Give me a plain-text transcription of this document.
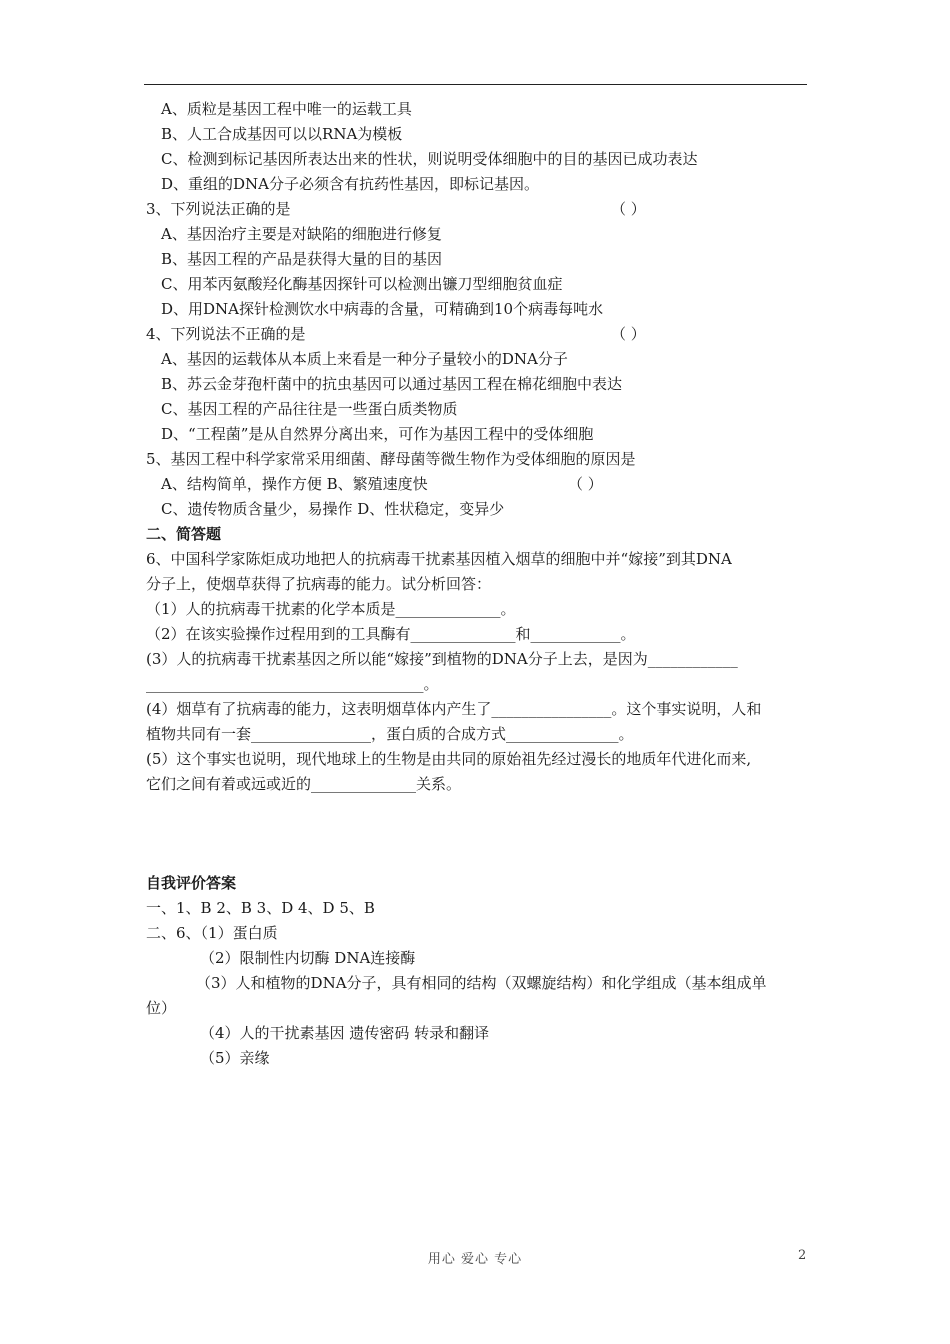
A、质粒是基因工程中唯一的运载工具
B、人工合成基因可以以RNA为模板
C、检测到标记基因所表达出来的性状，则说明受体细胞中的目的基因已成功表达
D、重组的DNA分子必须含有抗药性基因，即标记基因。
3、下列说法正确的是	（ ）
A、基因治疗主要是对缺陷的细胞进行修复
B、基因工程的产品是获得大量的目的基因
C、用苯丙氨酸羟化酶基因探针可以检测出镰刀型细胞贫血症
D、用DNA探针检测饮水中病毒的含量，可精确到10个病毒每吨水
4、下列说法不正确的是	（ ）
A、基因的运载体从本质上来看是一种分子量较小的DNA分子
B、苏云金芽孢杆菌中的抗虫基因可以通过基因工程在棉花细胞中表达
C、基因工程的产品往往是一些蛋白质类物质
D、“工程菌”是从自然界分离出来，可作为基因工程中的受体细胞
5、基因工程中科学家常采用细菌、酵母菌等微生物作为受体细胞的原因是
A、结构简单，操作方便 B、繁殖速度快	（ ）
C、遗传物质含量少，易操作 D、性状稳定，变异少
二、简答题
6、中国科学家陈炬成功地把人的抗病毒干扰素基因植入烟草的细胞中并“嫁接”到其DNA
分子上，使烟草获得了抗病毒的能力。试分析回答：
（1）人的抗病毒干扰素的化学本质是______________。
（2）在该实验操作过程用到的工具酶有______________和____________。
(3）人的抗病毒干扰素基因之所以能“嫁接”到植物的DNA分子上去，是因为____________
_____________________________________。
(4）烟草有了抗病毒的能力，这表明烟草体内产生了________________。这个事实说明，人和
植物共同有一套________________，蛋白质的合成方式_______________。
(5）这个事实也说明，现代地球上的生物是由共同的原始祖先经过漫长的地质年代进化而来,
它们之间有着或远或近的______________关系。
自我评价答案
一、1、B 2、B 3、D 4、D 5、B
二、6、（1）蛋白质
（2）限制性内切酶 DNA连接酶
（3）人和植物的DNA分子，具有相同的结构（双螺旋结构）和化学组成（基本组成单
位）
（4）人的干扰素基因 遗传密码 转录和翻译
（5）亲缘
用心 爱心 专心	2
